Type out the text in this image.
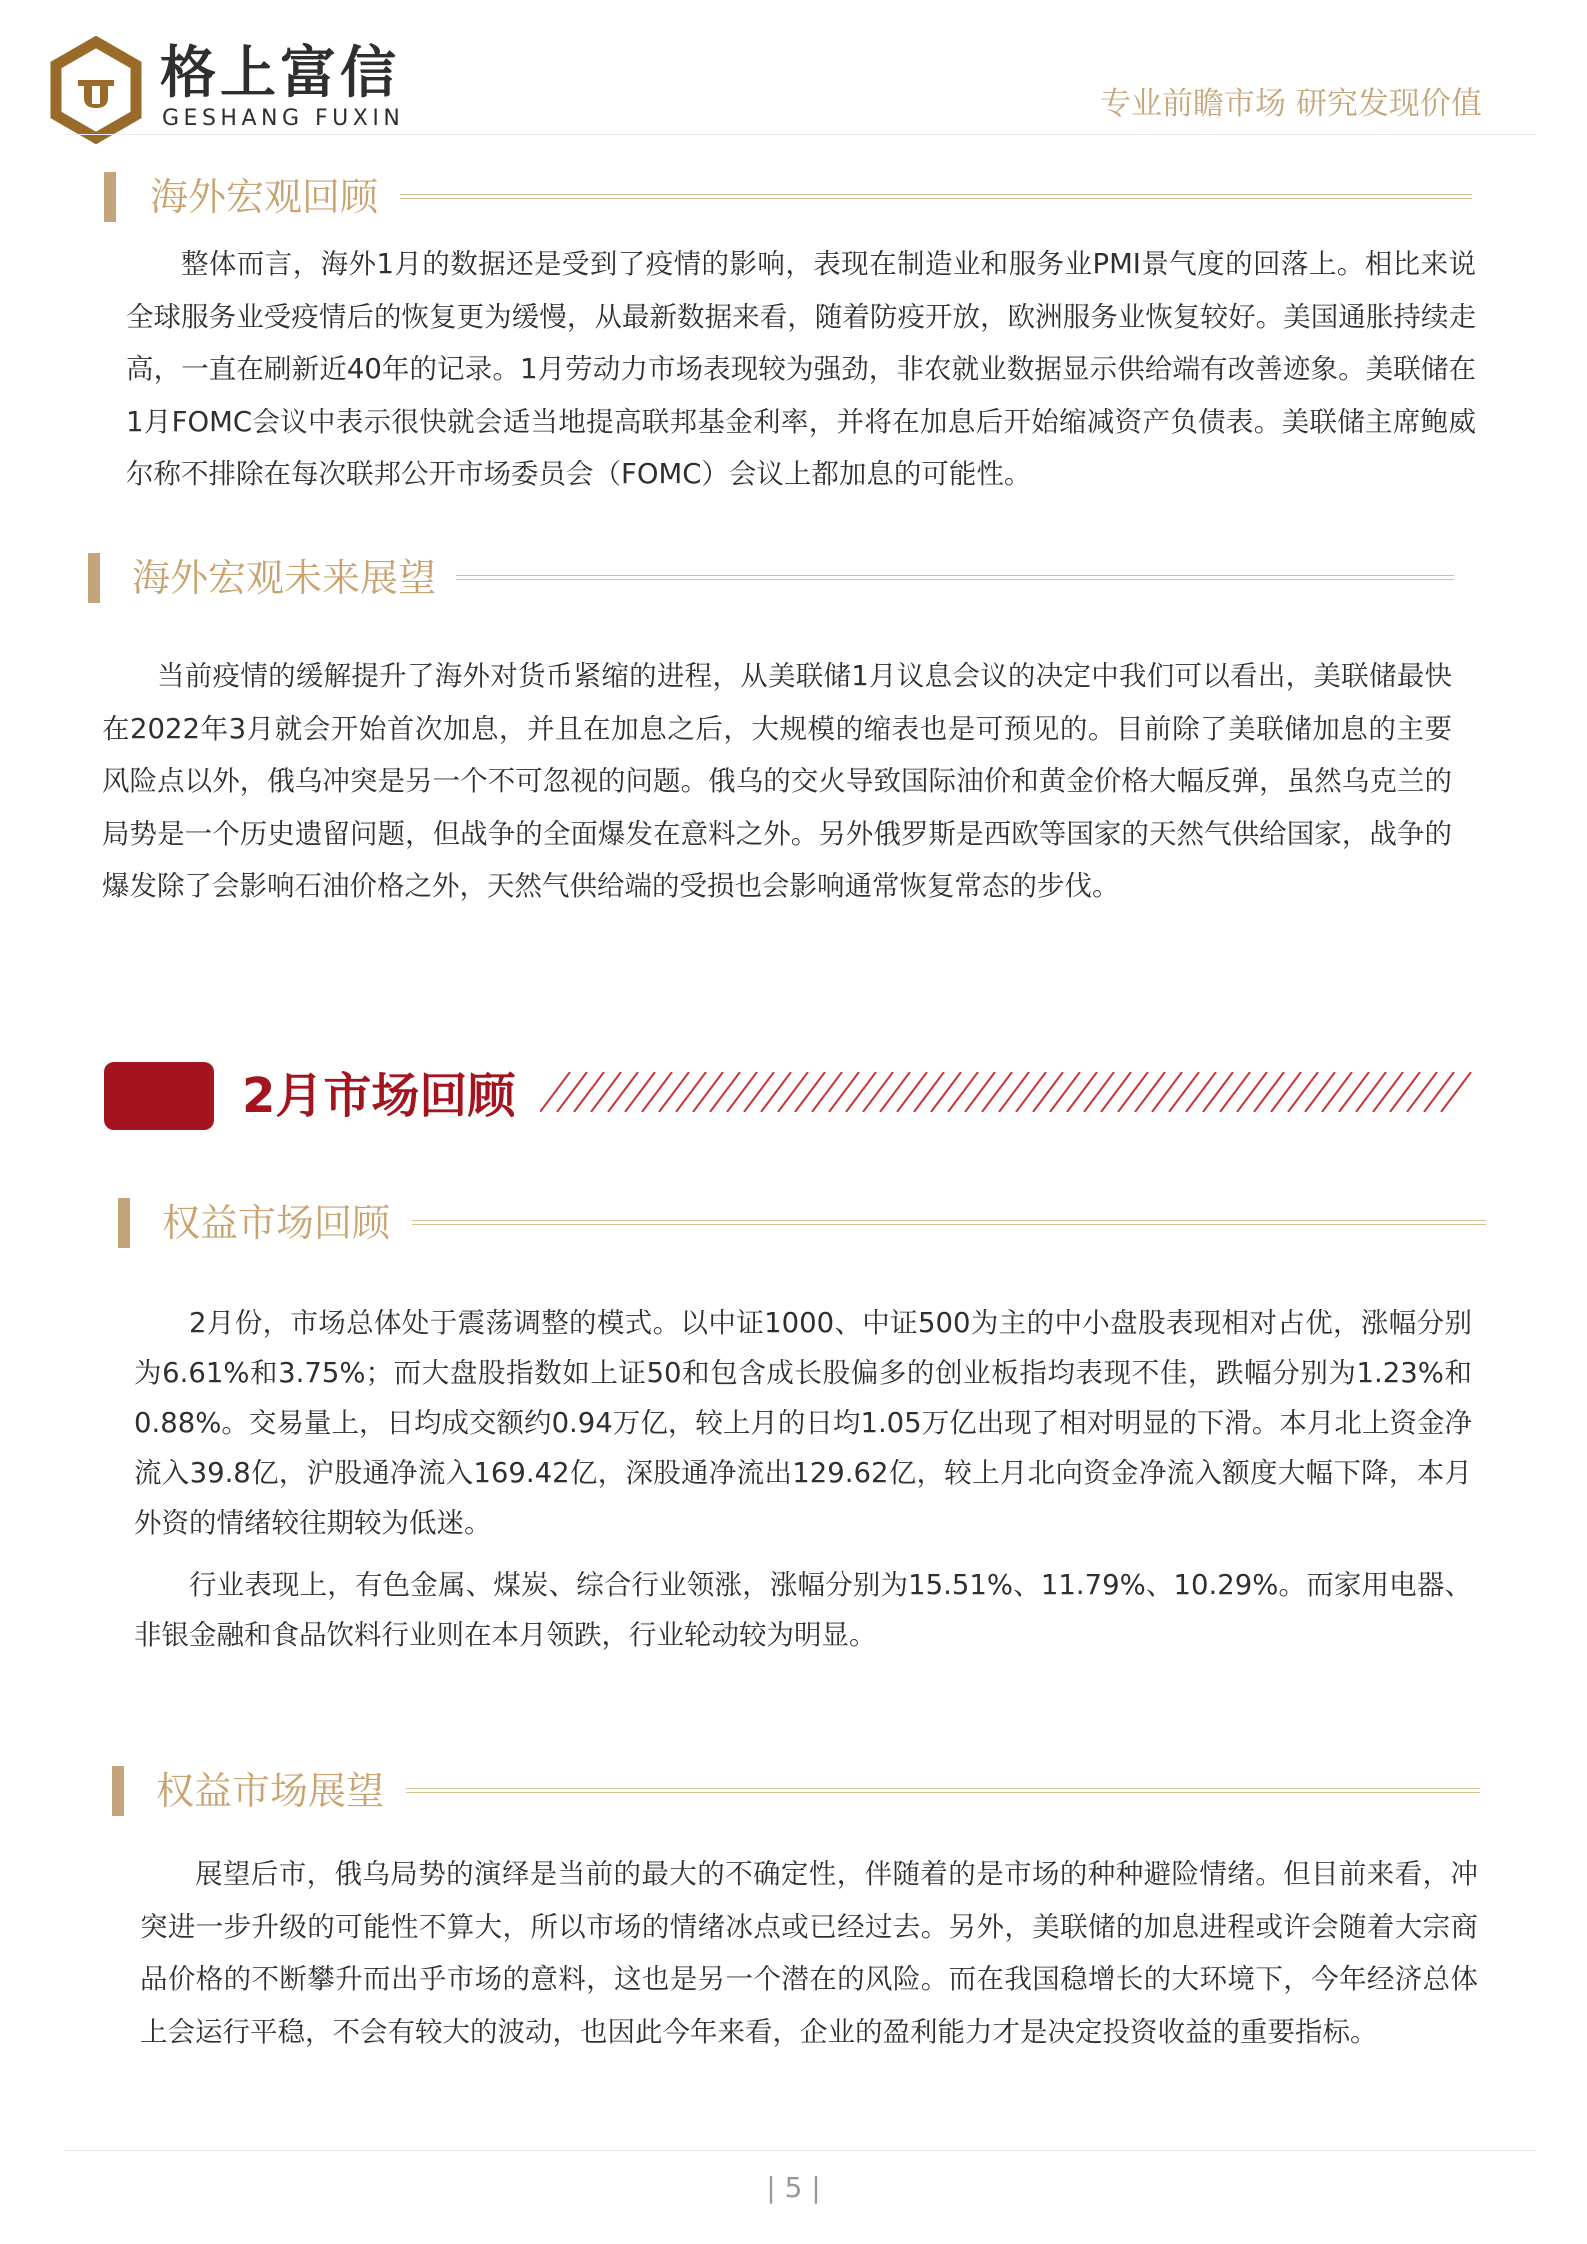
格上富信
GESHANG FUXIN	专业前瞻市场 研究发现价值
海外宏观回顾

整体而言，海外1月的数据还是受到了疫情的影响，表现在制造业和服务业PMI景气度的回落上。相比来说全球服务业受疫情后的恢复更为缓慢，从最新数据来看，随着防疫开放，欧洲服务业恢复较好。美国通胀持续走高，一直在刷新近40年的记录。1月劳动力市场表现较为强劲，非农就业数据显示供给端有改善迹象。美联储在1月FOMC会议中表示很快就会适当地提高联邦基金利率，并将在加息后开始缩减资产负债表。美联储主席鲍威尔称不排除在每次联邦公开市场委员会（FOMC）会议上都加息的可能性。

海外宏观未来展望

当前疫情的缓解提升了海外对货币紧缩的进程，从美联储1月议息会议的决定中我们可以看出，美联储最快在2022年3月就会开始首次加息，并且在加息之后，大规模的缩表也是可预见的。目前除了美联储加息的主要风险点以外，俄乌冲突是另一个不可忽视的问题。俄乌的交火导致国际油价和黄金价格大幅反弹，虽然乌克兰的局势是一个历史遗留问题，但战争的全面爆发在意料之外。另外俄罗斯是西欧等国家的天然气供给国家，战争的爆发除了会影响石油价格之外，天然气供给端的受损也会影响通常恢复常态的步伐。

2月市场回顾
权益市场回顾

2月份，市场总体处于震荡调整的模式。以中证1000、中证500为主的中小盘股表现相对占优，涨幅分别为6.61%和3.75%；而大盘股指数如上证50和包含成长股偏多的创业板指均表现不佳，跌幅分别为1.23%和0.88%。交易量上，日均成交额约0.94万亿，较上月的日均1.05万亿出现了相对明显的下滑。本月北上资金净流入39.8亿，沪股通净流入169.42亿，深股通净流出129.62亿，较上月北向资金净流入额度大幅下降，本月外资的情绪较往期较为低迷。

行业表现上，有色金属、煤炭、综合行业领涨，涨幅分别为15.51%、11.79%、10.29%。而家用电器、非银金融和食品饮料行业则在本月领跌，行业轮动较为明显。

权益市场展望

展望后市，俄乌局势的演绎是当前的最大的不确定性，伴随着的是市场的种种避险情绪。但目前来看，冲突进一步升级的可能性不算大，所以市场的情绪冰点或已经过去。另外，美联储的加息进程或许会随着大宗商品价格的不断攀升而出乎市场的意料，这也是另一个潜在的风险。而在我国稳增长的大环境下，今年经济总体上会运行平稳，不会有较大的波动，也因此今年来看，企业的盈利能力才是决定投资收益的重要指标。

| 5 |
